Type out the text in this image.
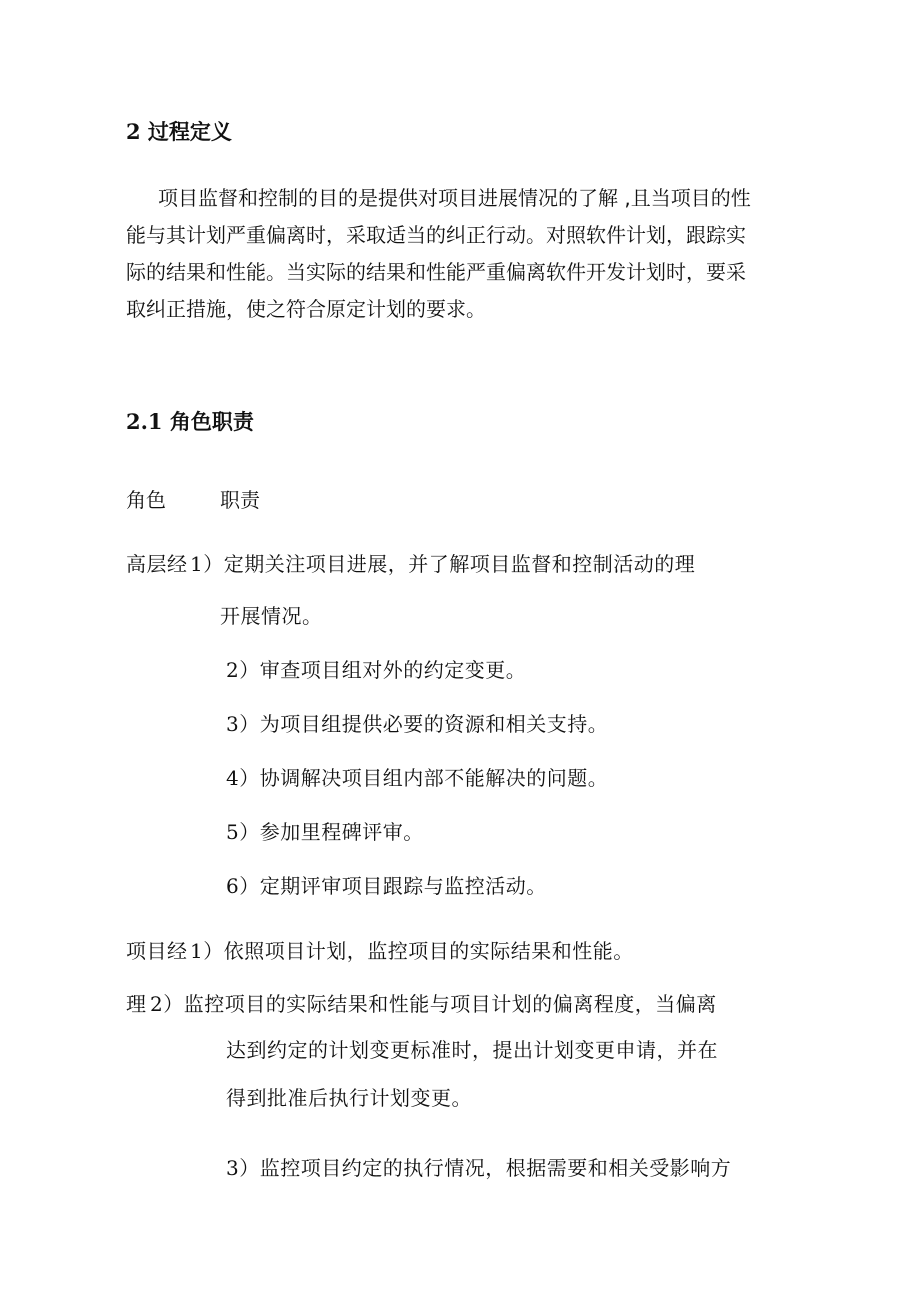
2 过程定义
项目监督和控制的目的是提供对项目进展情况的了解 ,且当项目的性
能与其计划严重偏离时，采取适当的纠正行动。对照软件计划，跟踪实
际的结果和性能。当实际的结果和性能严重偏离软件开发计划时，要采
取纠正措施，使之符合原定计划的要求。
2.1 角色职责
角色	职责
高层经 1）定期关注项目进展，并了解项目监督和控制活动的理
开展情况。
2）审查项目组对外的约定变更。
3）为项目组提供必要的资源和相关支持。
4）协调解决项目组内部不能解决的问题。
5）参加里程碑评审。
6）定期评审项目跟踪与监控活动。
项目经 1）依照项目计划，监控项目的实际结果和性能。
理 2）监控项目的实际结果和性能与项目计划的偏离程度，当偏离
达到约定的计划变更标准时，提出计划变更申请，并在
得到批准后执行计划变更。
3）监控项目约定的执行情况，根据需要和相关受影响方
